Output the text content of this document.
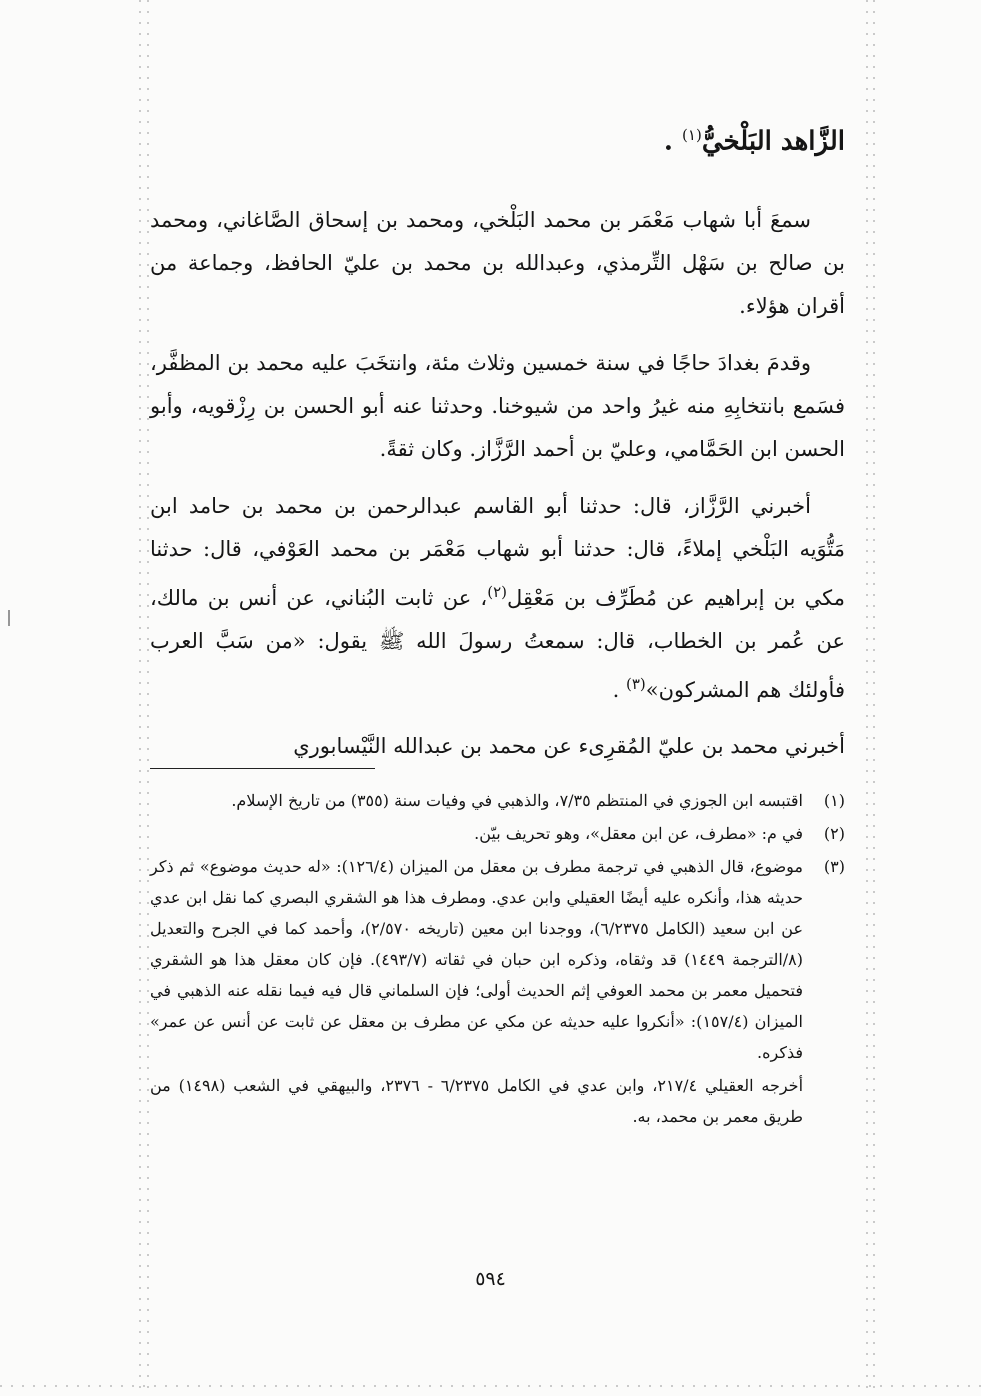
الزَّاهد البَلْخيُّ$^{(١)}$ .

سمعَ أبا شهاب مَعْمَر بن محمد البَلْخي، ومحمد بن إسحاق الصَّاغاني، ومحمد بن صالح بن سَهْل التِّرمذي، وعبدالله بن محمد بن عليّ الحافظ، وجماعة من أقران هؤلاء.

وقدمَ بغدادَ حاجًا في سنة خمسين وثلاث مئة، وانتخَبَ عليه محمد بن المظفَّر، فسَمع بانتخابِهِ منه غيرُ واحد من شيوخنا. وحدثنا عنه أبو الحسن بن رِزْقويه، وأبو الحسن ابن الحَمَّامي، وعليّ بن أحمد الرَّزَّاز. وكان ثقةً.

أخبرني الرَّزَّاز، قال: حدثنا أبو القاسم عبدالرحمن بن محمد بن حامد ابن مَتُّوَيه البَلْخي إملاءً، قال: حدثنا أبو شهاب مَعْمَر بن محمد العَوْفي، قال: حدثنا مكي بن إبراهيم عن مُطَرِّف بن مَعْقِل$^{(٢)}$، عن ثابت البُناني، عن أنس بن مالك، عن عُمر بن الخطاب، قال: سمعتُ رسولَ الله ﷺ يقول: «من سَبَّ العرب فأولئك هم المشركون»$^{(٣)}$ .

أخبرني محمد بن عليّ المُقرِىء عن محمد بن عبدالله النَّيْسابوري
(١)
اقتبسه ابن الجوزي في المنتظم ٧/٣٥، والذهبي في وفيات سنة (٣٥٥) من تاريخ الإسلام.
(٢)
في م: «مطرف، عن ابن معقل»، وهو تحريف بيّن.
(٣)
موضوع، قال الذهبي في ترجمة مطرف بن معقل من الميزان (١٢٦/٤): «له حديث موضوع» ثم ذكر حديثه هذا، وأنكره عليه أيضًا العقيلي وابن عدي. ومطرف هذا هو الشقري البصري كما نقل ابن عدي عن ابن سعيد (الكامل ٦/٢٣٧٥)، ووجدنا ابن معين (تاريخه ٢/٥٧٠)، وأحمد كما في الجرح والتعديل (٨/الترجمة ١٤٤٩) قد وثقاه، وذكره ابن حبان في ثقاته (٤٩٣/٧). فإن كان معقل هذا هو الشقري فتحميل معمر بن محمد العوفي إثم الحديث أولى؛ فإن السلماني قال فيه فيما نقله عنه الذهبي في الميزان (١٥٧/٤): «أنكروا عليه حديثه عن مكي عن مطرف بن معقل عن ثابت عن أنس عن عمر» فذكره.
أخرجه العقيلي ٢١٧/٤، وابن عدي في الكامل ٦/٢٣٧٥ - ٢٣٧٦، والبيهقي في الشعب (١٤٩٨) من طريق معمر بن محمد، به.
٥٩٤
